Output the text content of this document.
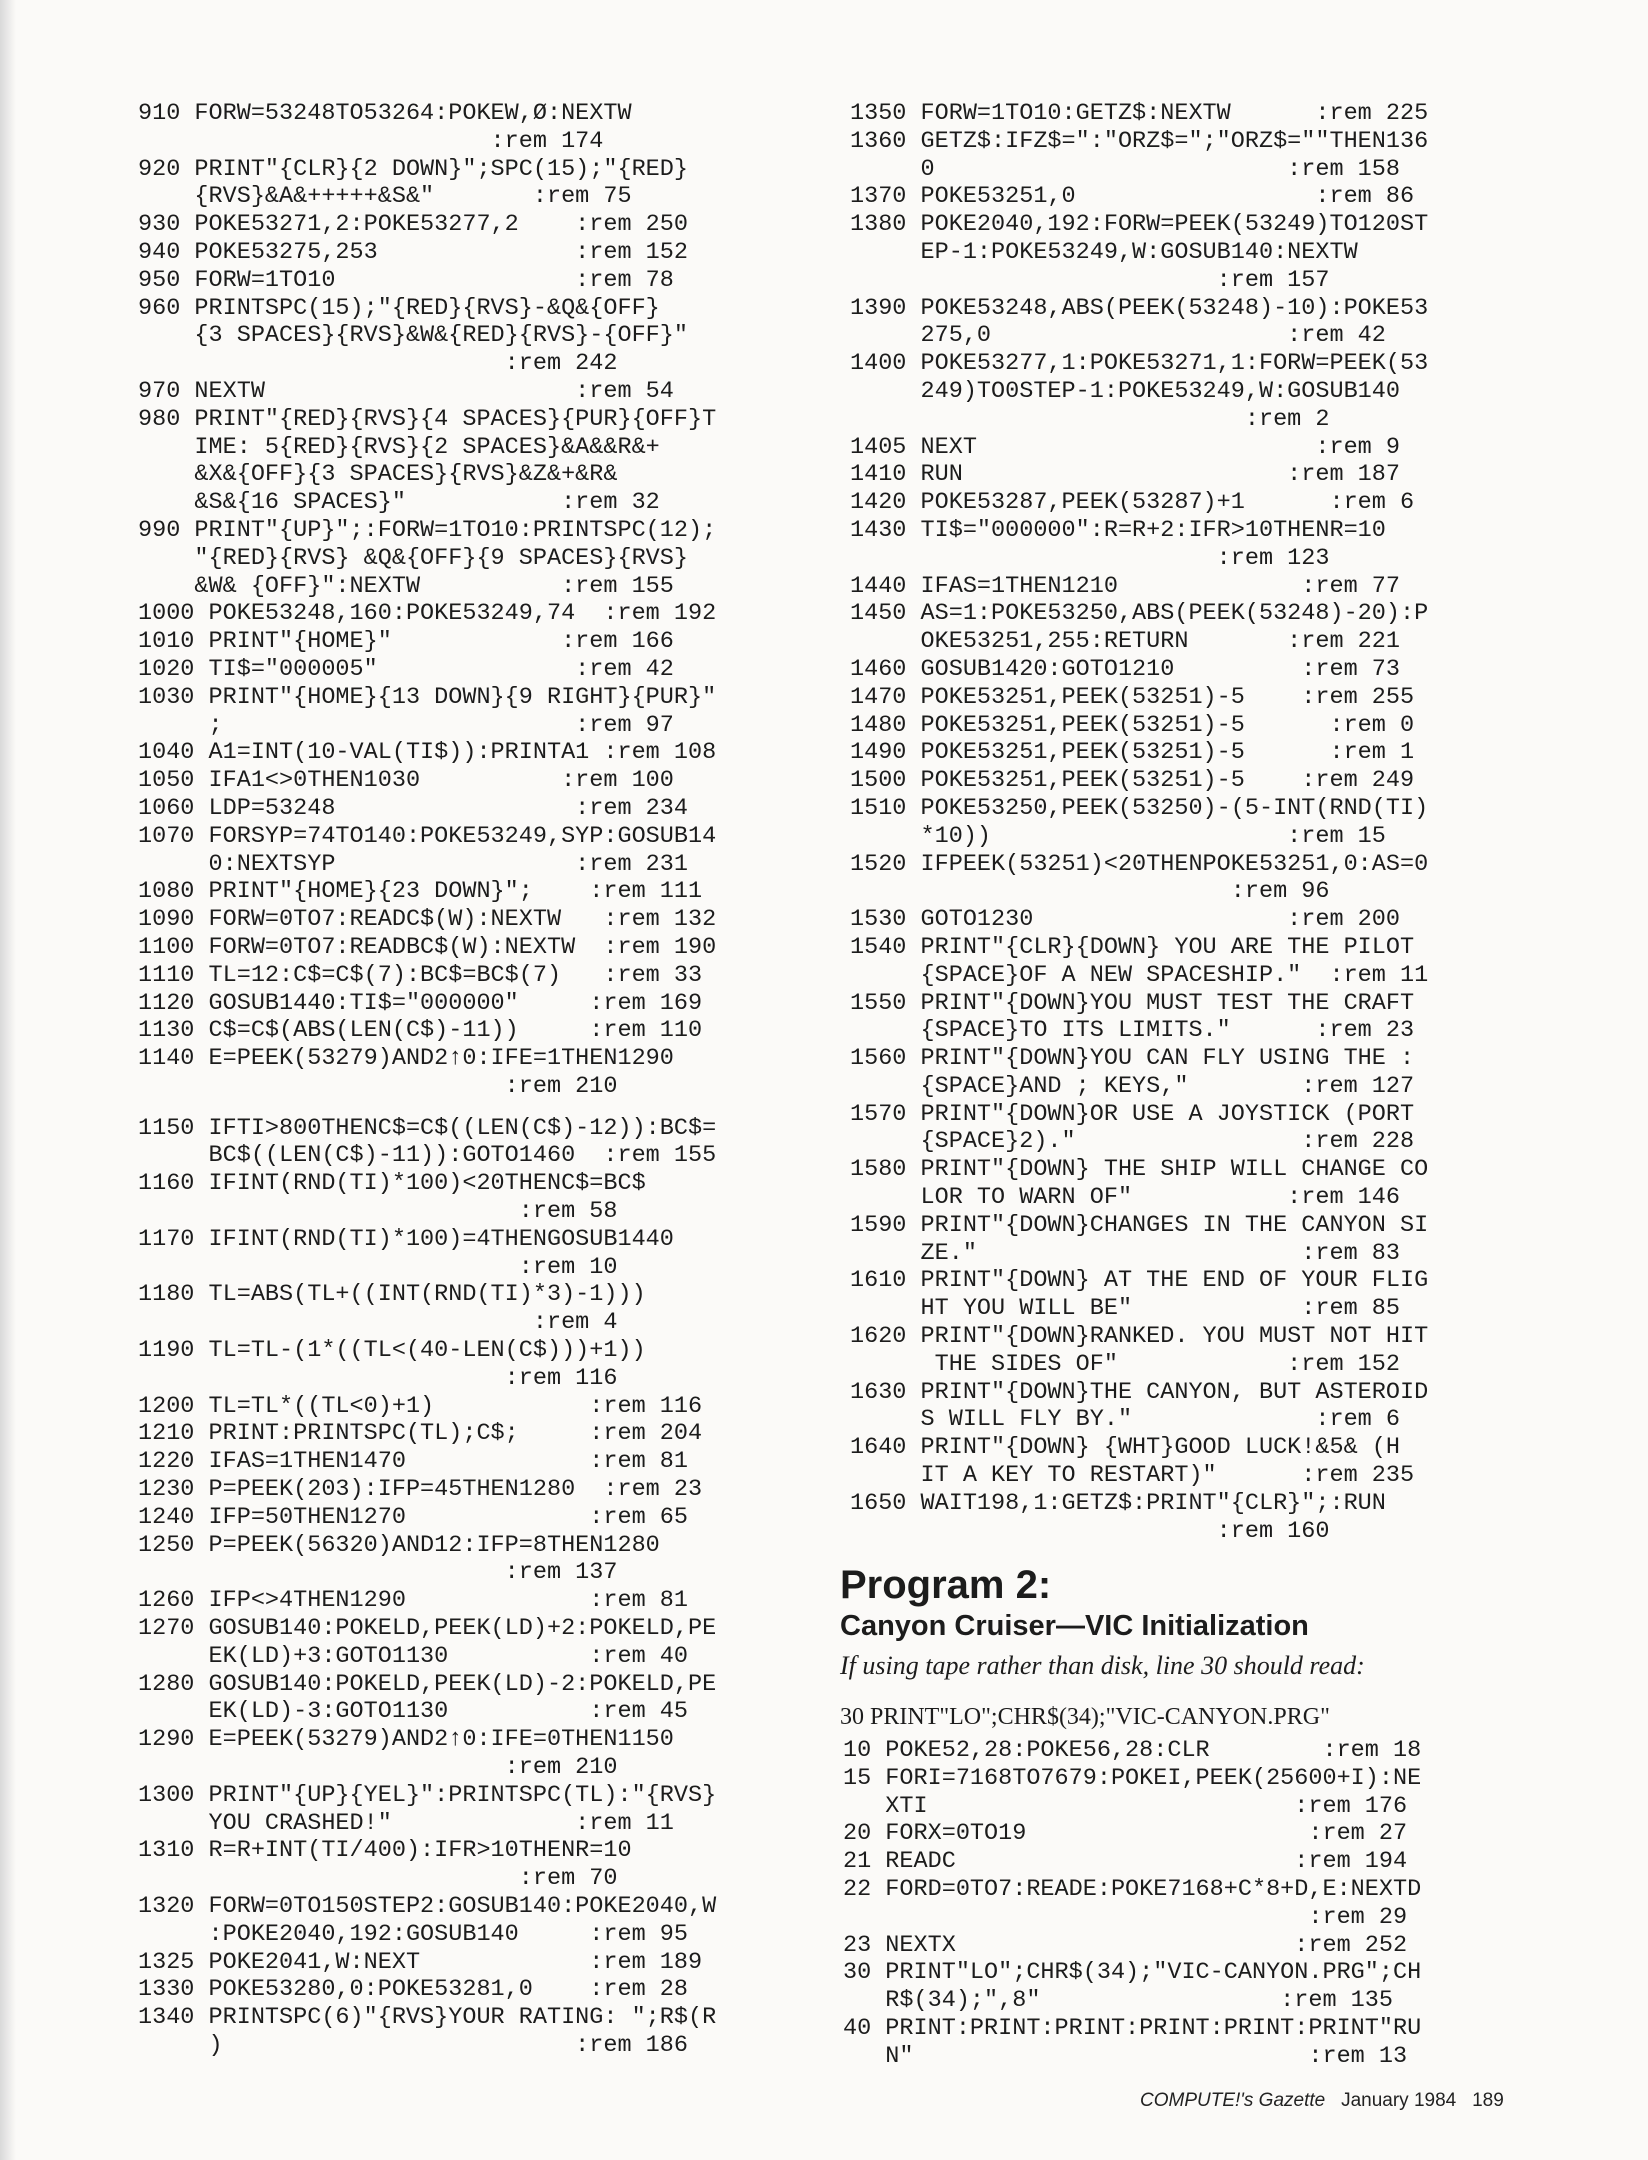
910 FORW=53248TO53264:POKEW,Ø:NEXTW
:rem 174
920 PRINT"{CLR}{2 DOWN}";SPC(15);"{RED}
{RVS}&A&+++++&S&"       :rem 75
930 POKE53271,2:POKE53277,2    :rem 250
940 POKE53275,253              :rem 152
950 FORW=1TO10                 :rem 78
960 PRINTSPC(15);"{RED}{RVS}-&Q&{OFF}
{3 SPACES}{RVS}&W&{RED}{RVS}-{OFF}"
:rem 242
970 NEXTW                      :rem 54
980 PRINT"{RED}{RVS}{4 SPACES}{PUR}{OFF}T
IME: 5{RED}{RVS}{2 SPACES}&A&&R&+
&X&{OFF}{3 SPACES}{RVS}&Z&+&R&
&S&{16 SPACES}"           :rem 32
990 PRINT"{UP}";:FORW=1TO10:PRINTSPC(12);
"{RED}{RVS} &Q&{OFF}{9 SPACES}{RVS}
&W& {OFF}":NEXTW          :rem 155
1000 POKE53248,160:POKE53249,74  :rem 192
1010 PRINT"{HOME}"            :rem 166
1020 TI$="000005"              :rem 42
1030 PRINT"{HOME}{13 DOWN}{9 RIGHT}{PUR}"
;                         :rem 97
1040 A1=INT(10-VAL(TI$)):PRINTA1 :rem 108
1050 IFA1<>0THEN1030          :rem 100
1060 LDP=53248                 :rem 234
1070 FORSYP=74TO140:POKE53249,SYP:GOSUB14
0:NEXTSYP                 :rem 231
1080 PRINT"{HOME}{23 DOWN}";    :rem 111
1090 FORW=0TO7:READC$(W):NEXTW   :rem 132
1100 FORW=0TO7:READBC$(W):NEXTW  :rem 190
1110 TL=12:C$=C$(7):BC$=BC$(7)   :rem 33
1120 GOSUB1440:TI$="000000"     :rem 169
1130 C$=C$(ABS(LEN(C$)-11))     :rem 110
1140 E=PEEK(53279)AND2↑0:IFE=1THEN1290
:rem 210
1150 IFTI>800THENC$=C$((LEN(C$)-12)):BC$=
BC$((LEN(C$)-11)):GOTO1460  :rem 155
1160 IFINT(RND(TI)*100)<20THENC$=BC$
:rem 58
1170 IFINT(RND(TI)*100)=4THENGOSUB1440
:rem 10
1180 TL=ABS(TL+((INT(RND(TI)*3)-1)))
:rem 4
1190 TL=TL-(1*((TL<(40-LEN(C$)))+1))
:rem 116
1200 TL=TL*((TL<0)+1)           :rem 116
1210 PRINT:PRINTSPC(TL);C$;     :rem 204
1220 IFAS=1THEN1470             :rem 81
1230 P=PEEK(203):IFP=45THEN1280  :rem 23
1240 IFP=50THEN1270             :rem 65
1250 P=PEEK(56320)AND12:IFP=8THEN1280
:rem 137
1260 IFP<>4THEN1290             :rem 81
1270 GOSUB140:POKELD,PEEK(LD)+2:POKELD,PE
EK(LD)+3:GOTO1130          :rem 40
1280 GOSUB140:POKELD,PEEK(LD)-2:POKELD,PE
EK(LD)-3:GOTO1130          :rem 45
1290 E=PEEK(53279)AND2↑0:IFE=0THEN1150
:rem 210
1300 PRINT"{UP}{YEL}":PRINTSPC(TL):"{RVS}
YOU CRASHED!"             :rem 11
1310 R=R+INT(TI/400):IFR>10THENR=10
:rem 70
1320 FORW=0TO150STEP2:GOSUB140:POKE2040,W
:POKE2040,192:GOSUB140     :rem 95
1325 POKE2041,W:NEXT            :rem 189
1330 POKE53280,0:POKE53281,0    :rem 28
1340 PRINTSPC(6)"{RVS}YOUR RATING: ";R$(R
)                         :rem 186
1350 FORW=1TO10:GETZ$:NEXTW      :rem 225
1360 GETZ$:IFZ$=":"ORZ$=";"ORZ$=""THEN136
0                         :rem 158
1370 POKE53251,0                 :rem 86
1380 POKE2040,192:FORW=PEEK(53249)TO120ST
EP-1:POKE53249,W:GOSUB140:NEXTW
:rem 157
1390 POKE53248,ABS(PEEK(53248)-10):POKE53
275,0                     :rem 42
1400 POKE53277,1:POKE53271,1:FORW=PEEK(53
249)TO0STEP-1:POKE53249,W:GOSUB140
:rem 2
1405 NEXT                        :rem 9
1410 RUN                       :rem 187
1420 POKE53287,PEEK(53287)+1      :rem 6
1430 TI$="000000":R=R+2:IFR>10THENR=10
:rem 123
1440 IFAS=1THEN1210             :rem 77
1450 AS=1:POKE53250,ABS(PEEK(53248)-20):P
OKE53251,255:RETURN       :rem 221
1460 GOSUB1420:GOTO1210         :rem 73
1470 POKE53251,PEEK(53251)-5    :rem 255
1480 POKE53251,PEEK(53251)-5      :rem 0
1490 POKE53251,PEEK(53251)-5      :rem 1
1500 POKE53251,PEEK(53251)-5    :rem 249
1510 POKE53250,PEEK(53250)-(5-INT(RND(TI)
*10))                     :rem 15
1520 IFPEEK(53251)<20THENPOKE53251,0:AS=0
:rem 96
1530 GOTO1230                  :rem 200
1540 PRINT"{CLR}{DOWN} YOU ARE THE PILOT
{SPACE}OF A NEW SPACESHIP."  :rem 11
1550 PRINT"{DOWN}YOU MUST TEST THE CRAFT
{SPACE}TO ITS LIMITS."      :rem 23
1560 PRINT"{DOWN}YOU CAN FLY USING THE :
{SPACE}AND ; KEYS,"        :rem 127
1570 PRINT"{DOWN}OR USE A JOYSTICK (PORT
{SPACE}2)."                :rem 228
1580 PRINT"{DOWN} THE SHIP WILL CHANGE CO
LOR TO WARN OF"           :rem 146
1590 PRINT"{DOWN}CHANGES IN THE CANYON SI
ZE."                       :rem 83
1610 PRINT"{DOWN} AT THE END OF YOUR FLIG
HT YOU WILL BE"            :rem 85
1620 PRINT"{DOWN}RANKED. YOU MUST NOT HIT
THE SIDES OF"            :rem 152
1630 PRINT"{DOWN}THE CANYON, BUT ASTEROID
S WILL FLY BY."             :rem 6
1640 PRINT"{DOWN} {WHT}GOOD LUCK!&5& (H
IT A KEY TO RESTART)"      :rem 235
1650 WAIT198,1:GETZ$:PRINT"{CLR}";:RUN
:rem 160
Program 2:
Canyon Cruiser—VIC Initialization

If using tape rather than disk, line 30 should read:

30 PRINT"LO";CHR$(34);"VIC-CANYON.PRG"

10 POKE52,28:POKE56,28:CLR        :rem 18
15 FORI=7168TO7679:POKEI,PEEK(25600+I):NE
XTI                          :rem 176
20 FORX=0TO19                    :rem 27
21 READC                        :rem 194
22 FORD=0TO7:READE:POKE7168+C*8+D,E:NEXTD
:rem 29
23 NEXTX                        :rem 252
30 PRINT"LO";CHR$(34);"VIC-CANYON.PRG";CH
R$(34);",8"                 :rem 135
40 PRINT:PRINT:PRINT:PRINT:PRINT:PRINT"RU
N"                            :rem 13
COMPUTE!'s Gazette January 1984 189
